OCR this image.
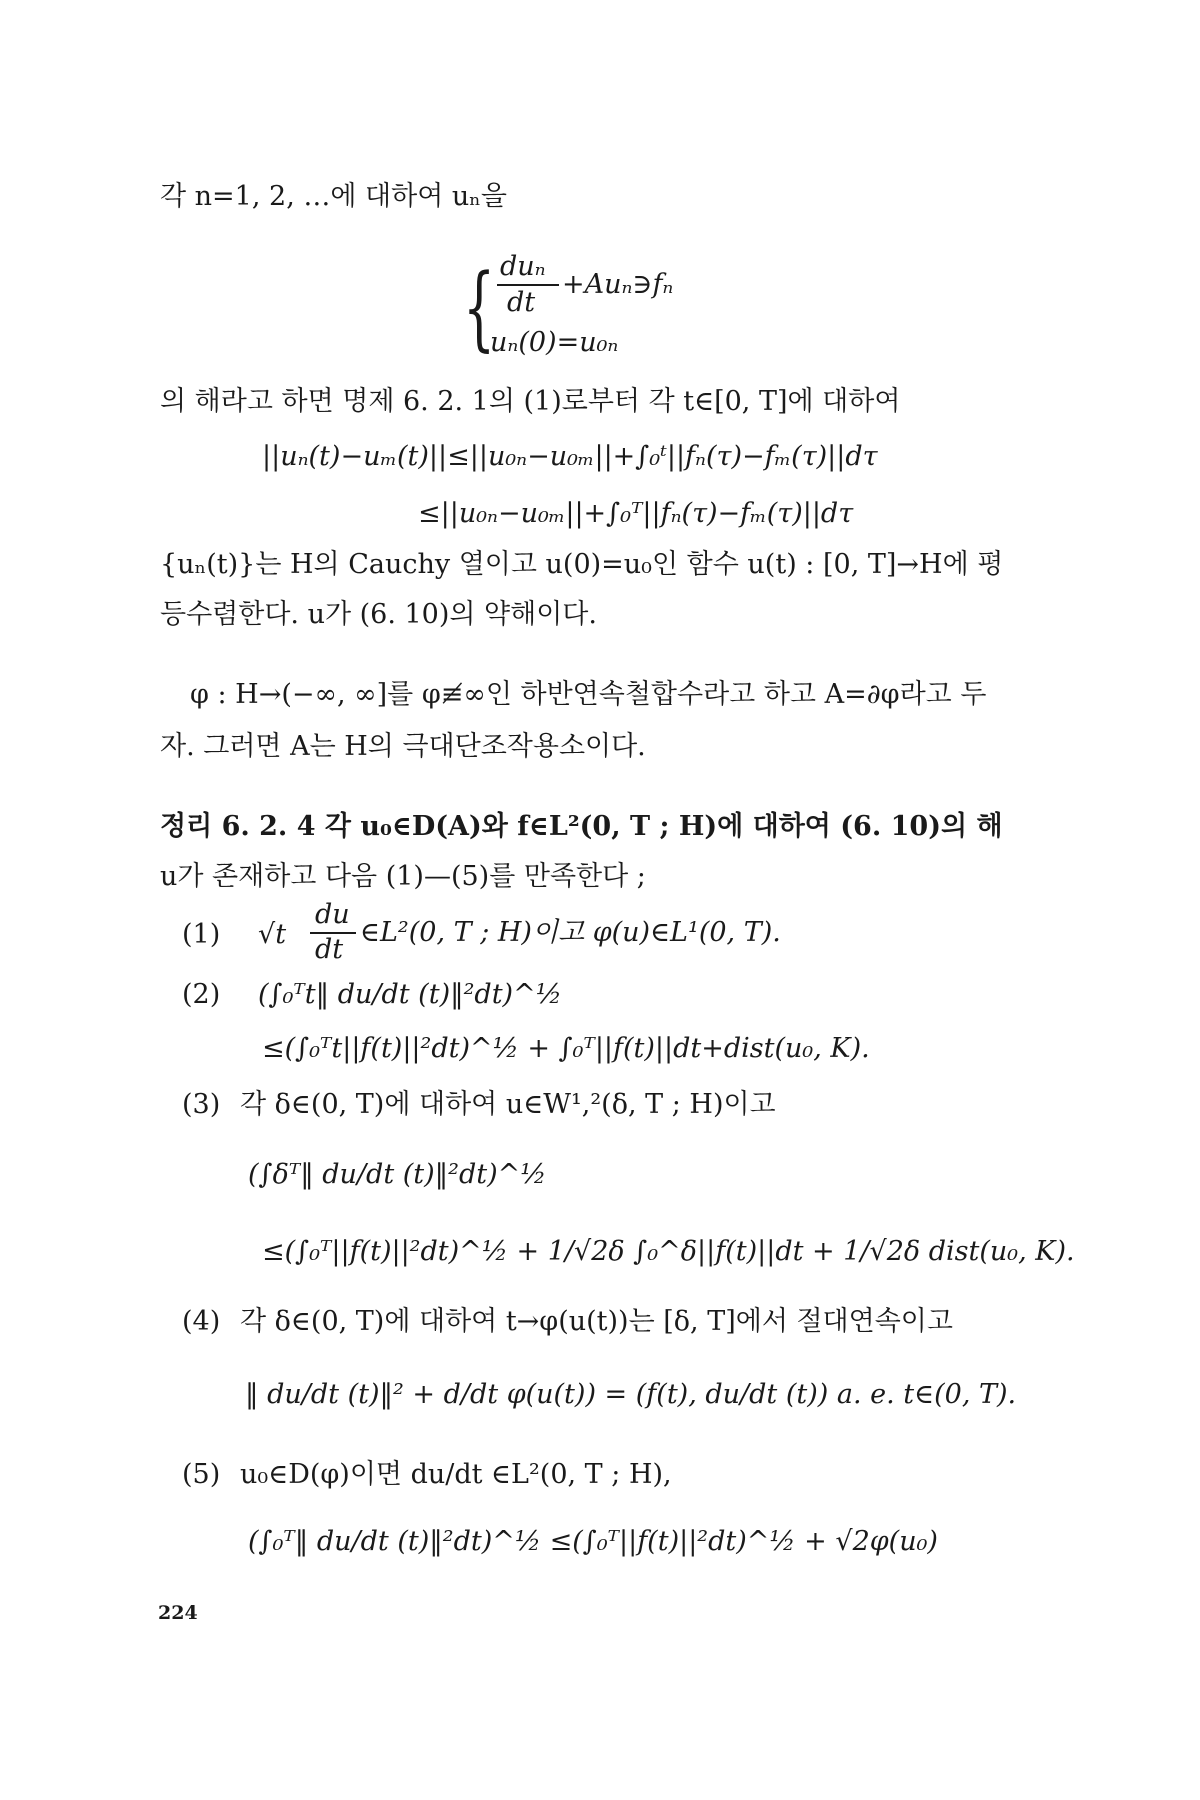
각 n=1, 2, …에 대하여 uₙ을
{ duₙ
dt
+Auₙ∋fₙ
uₙ(0)=u₀ₙ
의 해라고 하면 명제 6. 2. 1의 (1)로부터 각 t∈[0, T]에 대하여
||uₙ(t)−uₘ(t)||≤||u₀ₙ−u₀ₘ||+∫₀ᵗ||fₙ(τ)−fₘ(τ)||dτ
≤||u₀ₙ−u₀ₘ||+∫₀ᵀ||fₙ(τ)−fₘ(τ)||dτ
{uₙ(t)}는 H의 Cauchy 열이고 u(0)=u₀인 함수 u(t) : [0, T]→H에 평
등수렴한다. u가 (6. 10)의 약해이다.
φ : H→(−∞, ∞]를 φ≢∞인 하반연속철합수라고 하고 A=∂φ라고 두
자. 그러면 A는 H의 극대단조작용소이다.
정리 6. 2. 4 각 u₀∈D(A)와 f∈L²(0, T ; H)에 대하여 (6. 10)의 해
u가 존재하고 다음 (1)—(5)를 만족한다 ;
(1) √t
du
dt
∈L²(0, T ; H)이고 φ(u)∈L¹(0, T).
(2) (∫₀ᵀt‖ du/dt (t)‖²dt)^½
≤(∫₀ᵀt||f(t)||²dt)^½ + ∫₀ᵀ||f(t)||dt+dist(u₀, K).
(3) 각 δ∈(0, T)에 대하여 u∈W¹,²(δ, T ; H)이고
(∫δᵀ‖ du/dt (t)‖²dt)^½
≤(∫₀ᵀ||f(t)||²dt)^½ + 1/√2δ ∫₀^δ||f(t)||dt + 1/√2δ dist(u₀, K).
(4) 각 δ∈(0, T)에 대하여 t→φ(u(t))는 [δ, T]에서 절대연속이고
‖ du/dt (t)‖² + d/dt φ(u(t)) = (f(t), du/dt (t)) a. e. t∈(0, T).
(5) u₀∈D(φ)이면 du/dt ∈L²(0, T ; H),
(∫₀ᵀ‖ du/dt (t)‖²dt)^½ ≤(∫₀ᵀ||f(t)||²dt)^½ + √2φ(u₀)
224
